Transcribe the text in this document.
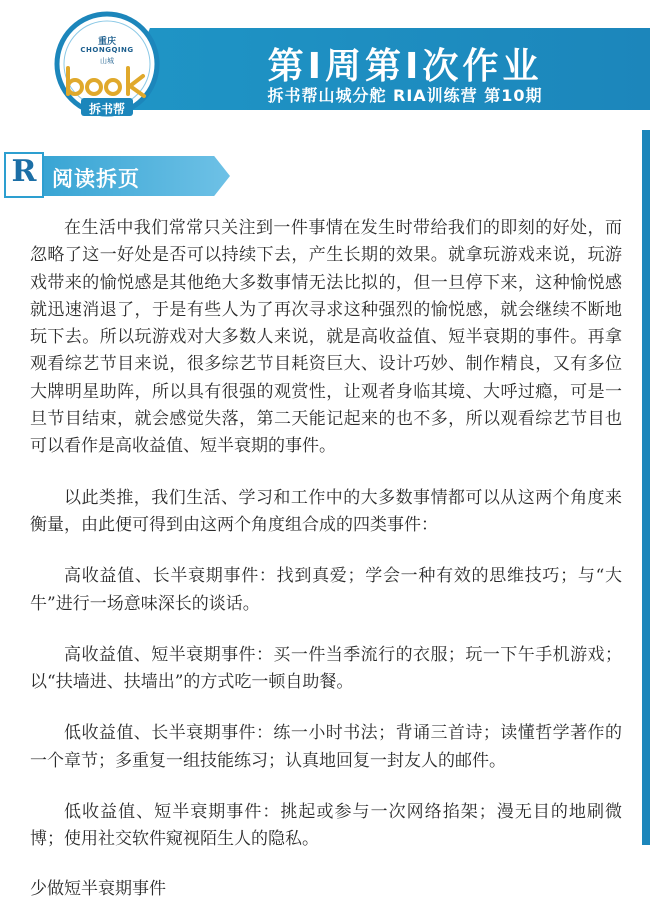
重庆
CHONGQING
山城
拆书帮
第Ⅰ周第Ⅰ次作业
拆书帮山城分舵 RIA训练营 第10期
R 阅读拆页

在生活中我们常常只关注到一件事情在发生时带给我们的即刻的好处，而忽略了这一好处是否可以持续下去，产生长期的效果。就拿玩游戏来说，玩游戏带来的愉悦感是其他绝大多数事情无法比拟的，但一旦停下来，这种愉悦感就迅速消退了，于是有些人为了再次寻求这种强烈的愉悦感，就会继续不断地玩下去。所以玩游戏对大多数人来说，就是高收益值、短半衰期的事件。再拿观看综艺节目来说，很多综艺节目耗资巨大、设计巧妙、制作精良，又有多位大牌明星助阵，所以具有很强的观赏性，让观者身临其境、大呼过瘾，可是一旦节目结束，就会感觉失落，第二天能记起来的也不多，所以观看综艺节目也可以看作是高收益值、短半衰期的事件。

以此类推，我们生活、学习和工作中的大多数事情都可以从这两个角度来衡量，由此便可得到由这两个角度组合成的四类事件：

高收益值、长半衰期事件：找到真爱；学会一种有效的思维技巧；与“大牛”进行一场意味深长的谈话。

高收益值、短半衰期事件：买一件当季流行的衣服；玩一下午手机游戏；以“扶墙进、扶墙出”的方式吃一顿自助餐。

低收益值、长半衰期事件：练一小时书法；背诵三首诗；读懂哲学著作的一个章节；多重复一组技能练习；认真地回复一封友人的邮件。

低收益值、短半衰期事件：挑起或参与一次网络掐架；漫无目的地刷微博；使用社交软件窥视陌生人的隐私。

少做短半衰期事件
